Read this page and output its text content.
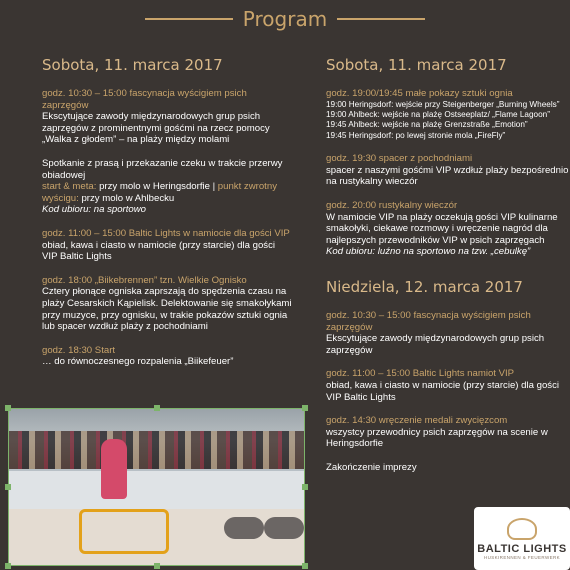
Program
Sobota, 11. marca 2017
godz. 10:30 – 15:00 fascynacja wyścigiem psich zaprzęgów
Ekscytujące zawody międzynarodowych grup psich zaprzęgów z prominentnymi gośćmi na rzecz pomocy „Walka z głodem” – na plaży między molami
Spotkanie z prasą i przekazanie czeku w trakcie przerwy obiadowej
start & meta: przy molo w Heringsdorfie | punkt zwrotny wyścigu: przy molo w Ahlbecku
Kod ubioru: na sportowo
godz. 11:00 – 15:00 Baltic Lights w namiocie dla gości VIP
obiad, kawa i ciasto w namiocie (przy starcie) dla gości VIP Baltic Lights
godz. 18:00 „Biikebrennen” tzn. Wielkie Ognisko
Cztery płonące ogniska zaprszają do spędzenia czasu na plaży Cesarskich Kąpielisk. Delektowanie się smakołykami przy muzyce, przy ognisku, w trakie pokazów sztuki ognia lub spacer wzdłuż plaży z pochodniami
godz. 18:30 Start
… do równoczesnego rozpalenia „Biikefeuer”
Sobota, 11. marca 2017
godz. 19:00/19:45 małe pokazy sztuki ognia
19:00 Heringsdorf: wejście przy Steigenberger „Burning Wheels”
19:00 Ahlbeck: wejście na plażę Ostseeplatz/ „Flame Lagoon”
19:45 Ahlbeck: wejście na plażę Grenzstraße „Emotion”
19:45 Heringsdorf: po lewej stronie mola „FireFly”
godz. 19:30 spacer z pochodniami
spacer z naszymi gośćmi VIP wzdłuż plaży bezpośrednio na rustykalny wieczór
godz. 20:00 rustykalny wieczór
W namiocie VIP na plaży oczekują gości VIP kulinarne smakołyki, ciekawe rozmowy i wręczenie nagród dla najlepszych przewodników VIP w psich zaprzęgach
Kod ubioru: luźno na sportowo na tzw. „cebulkę”
Niedziela, 12. marca 2017
godz. 10:30 – 15:00 fascynacja wyścigiem psich zaprzęgów
Ekscytujące zawody międzynarodowych grup psich zaprzęgów
godz. 11:00 – 15:00 Baltic Lights namiot VIP
obiad, kawa i ciasto w namiocie (przy starcie) dla gości VIP Baltic Lights
godz. 14:30 wręczenie medali zwycięzcom
wszystcy przewodnicy psich zaprzęgów na scenie w Heringsdorfie
Zakończenie imprezy
BALTIC LIGHTS
HUSKIRENNEN & FEUERWERK
